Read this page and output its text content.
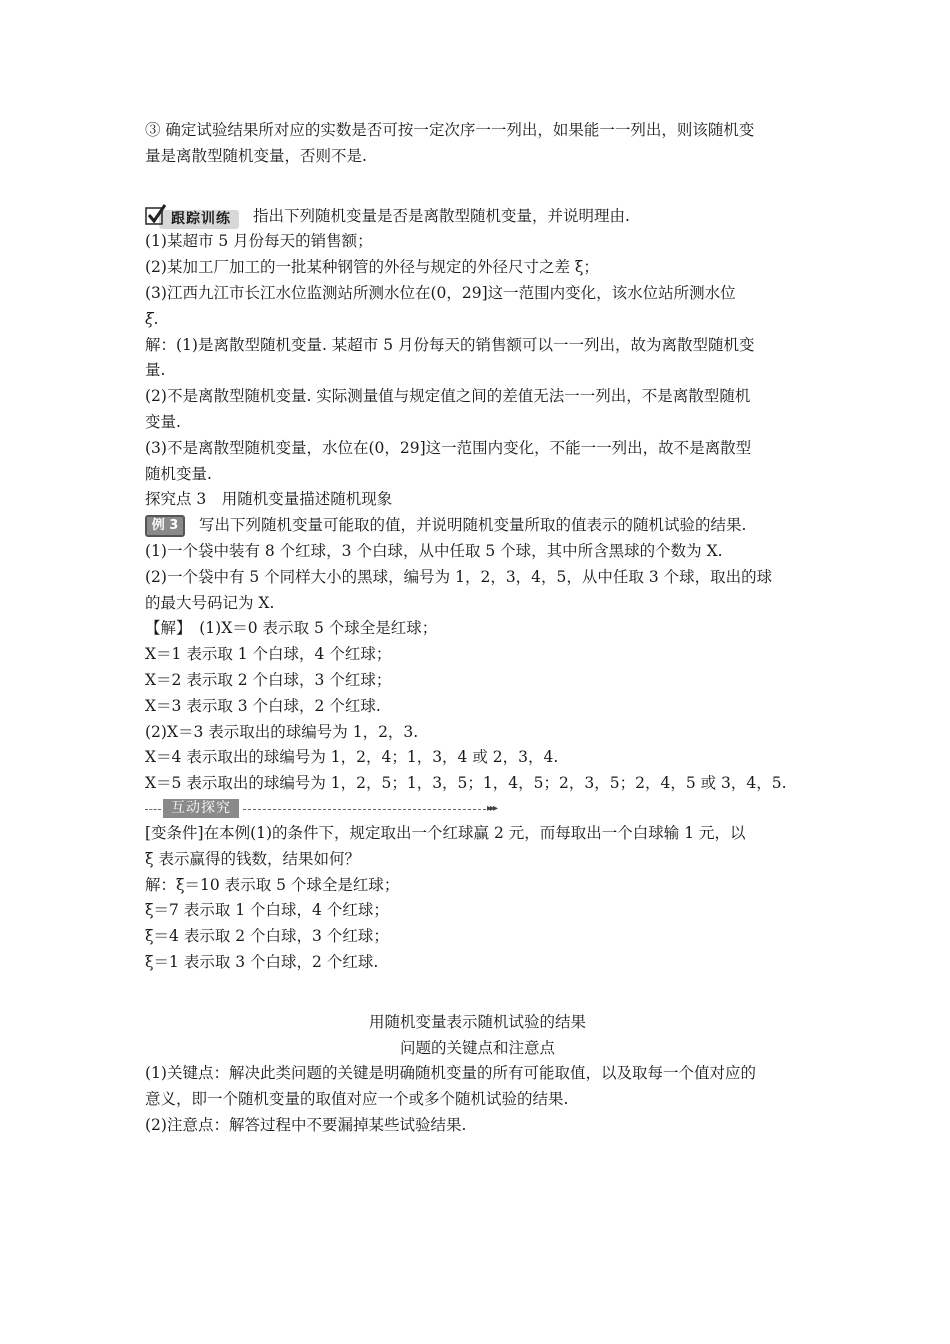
③ 确定试验结果所对应的实数是否可按一定次序一一列出，如果能一一列出，则该随机变
量是离散型随机变量，否则不是.
跟踪训练 指出下列随机变量是否是离散型随机变量，并说明理由.
(1)某超市 5 月份每天的销售额；
(2)某加工厂加工的一批某种钢管的外径与规定的外径尺寸之差 ξ；
(3)江西九江市长江水位监测站所测水位在(0，29]这一范围内变化，该水位站所测水位
ξ.
解：(1)是离散型随机变量. 某超市 5 月份每天的销售额可以一一列出，故为离散型随机变
量.
(2)不是离散型随机变量. 实际测量值与规定值之间的差值无法一一列出，不是离散型随机
变量.
(3)不是离散型随机变量，水位在(0，29]这一范围内变化，不能一一列出，故不是离散型
随机变量.
探究点 3　用随机变量描述随机现象
例 3 写出下列随机变量可能取的值，并说明随机变量所取的值表示的随机试验的结果.
(1)一个袋中装有 8 个红球，3 个白球，从中任取 5 个球，其中所含黑球的个数为 X.
(2)一个袋中有 5 个同样大小的黑球，编号为 1，2，3，4，5，从中任取 3 个球，取出的球
的最大号码记为 X.
【解】　(1)X＝0 表示取 5 个球全是红球；
X＝1 表示取 1 个白球，4 个红球；
X＝2 表示取 2 个白球，3 个红球；
X＝3 表示取 3 个白球，2 个红球.
(2)X＝3 表示取出的球编号为 1，2，3.
X＝4 表示取出的球编号为 1，2，4；1，3，4 或 2，3，4.
X＝5 表示取出的球编号为 1，2，5；1，3，5；1，4，5；2，3，5；2，4，5 或 3，4，5.
互动探究	▸▸▸
[变条件]在本例(1)的条件下，规定取出一个红球赢 2 元，而每取出一个白球输 1 元，以
ξ 表示赢得的钱数，结果如何？
解：ξ＝10 表示取 5 个球全是红球；
ξ＝7 表示取 1 个白球，4 个红球；
ξ＝4 表示取 2 个白球，3 个红球；
ξ＝1 表示取 3 个白球，2 个红球.
用随机变量表示随机试验的结果
问题的关键点和注意点
(1)关键点：解决此类问题的关键是明确随机变量的所有可能取值，以及取每一个值对应的
意义，即一个随机变量的取值对应一个或多个随机试验的结果.
(2)注意点：解答过程中不要漏掉某些试验结果.
